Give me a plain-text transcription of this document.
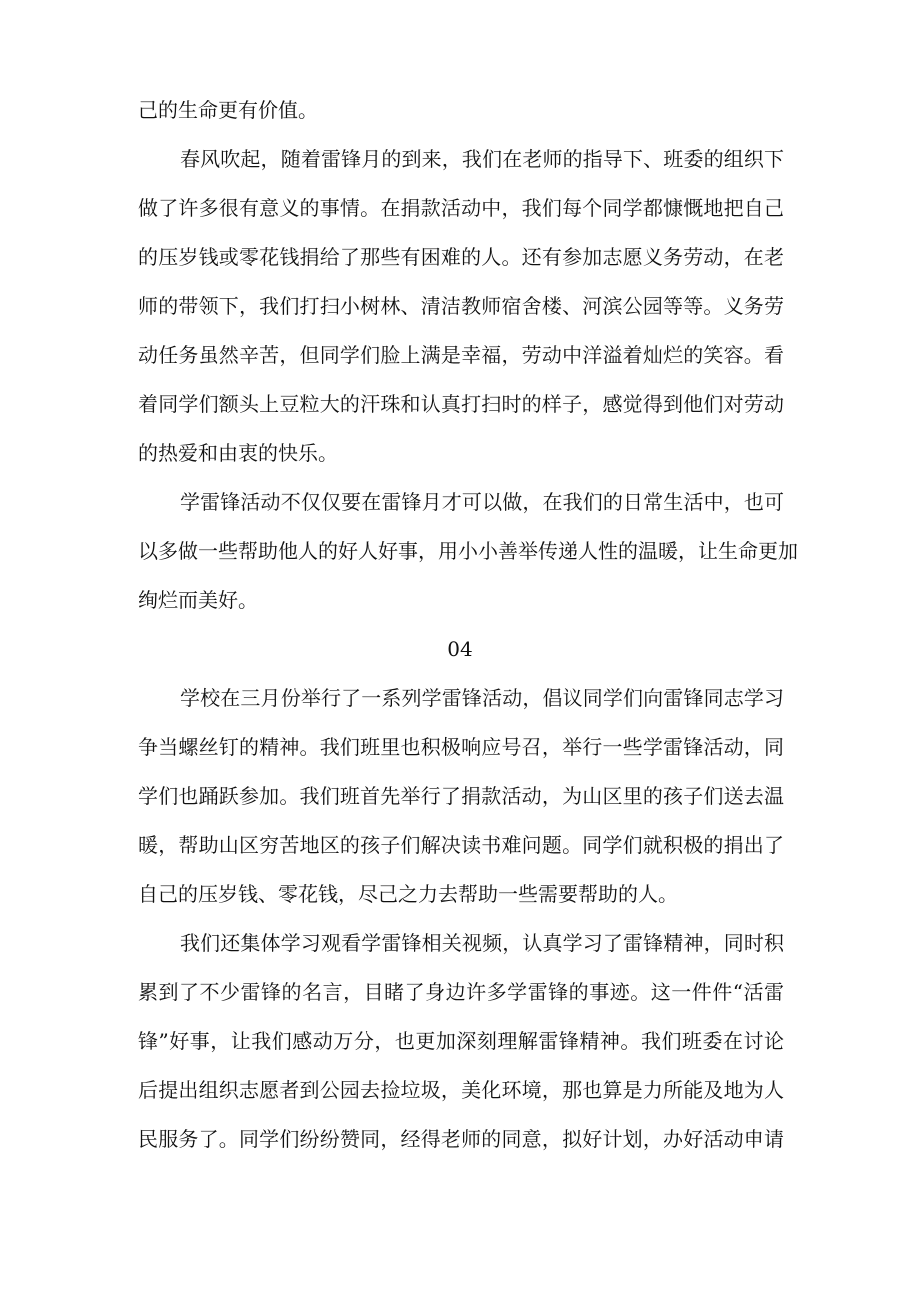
己的生命更有价值。
春风吹起，随着雷锋月的到来，我们在老师的指导下、班委的组织下
做了许多很有意义的事情。在捐款活动中，我们每个同学都慷慨地把自己
的压岁钱或零花钱捐给了那些有困难的人。还有参加志愿义务劳动，在老
师的带领下，我们打扫小树林、清洁教师宿舍楼、河滨公园等等。义务劳
动任务虽然辛苦，但同学们脸上满是幸福，劳动中洋溢着灿烂的笑容。看
着同学们额头上豆粒大的汗珠和认真打扫时的样子，感觉得到他们对劳动
的热爱和由衷的快乐。
学雷锋活动不仅仅要在雷锋月才可以做，在我们的日常生活中，也可
以多做一些帮助他人的好人好事，用小小善举传递人性的温暖，让生命更加
绚烂而美好。
04
学校在三月份举行了一系列学雷锋活动，倡议同学们向雷锋同志学习
争当螺丝钉的精神。我们班里也积极响应号召，举行一些学雷锋活动，同
学们也踊跃参加。我们班首先举行了捐款活动，为山区里的孩子们送去温
暖，帮助山区穷苦地区的孩子们解决读书难问题。同学们就积极的捐出了
自己的压岁钱、零花钱，尽己之力去帮助一些需要帮助的人。
我们还集体学习观看学雷锋相关视频，认真学习了雷锋精神，同时积
累到了不少雷锋的名言，目睹了身边许多学雷锋的事迹。这一件件“活雷
锋”好事，让我们感动万分，也更加深刻理解雷锋精神。我们班委在讨论
后提出组织志愿者到公园去捡垃圾，美化环境，那也算是力所能及地为人
民服务了。同学们纷纷赞同，经得老师的同意，拟好计划，办好活动申请
